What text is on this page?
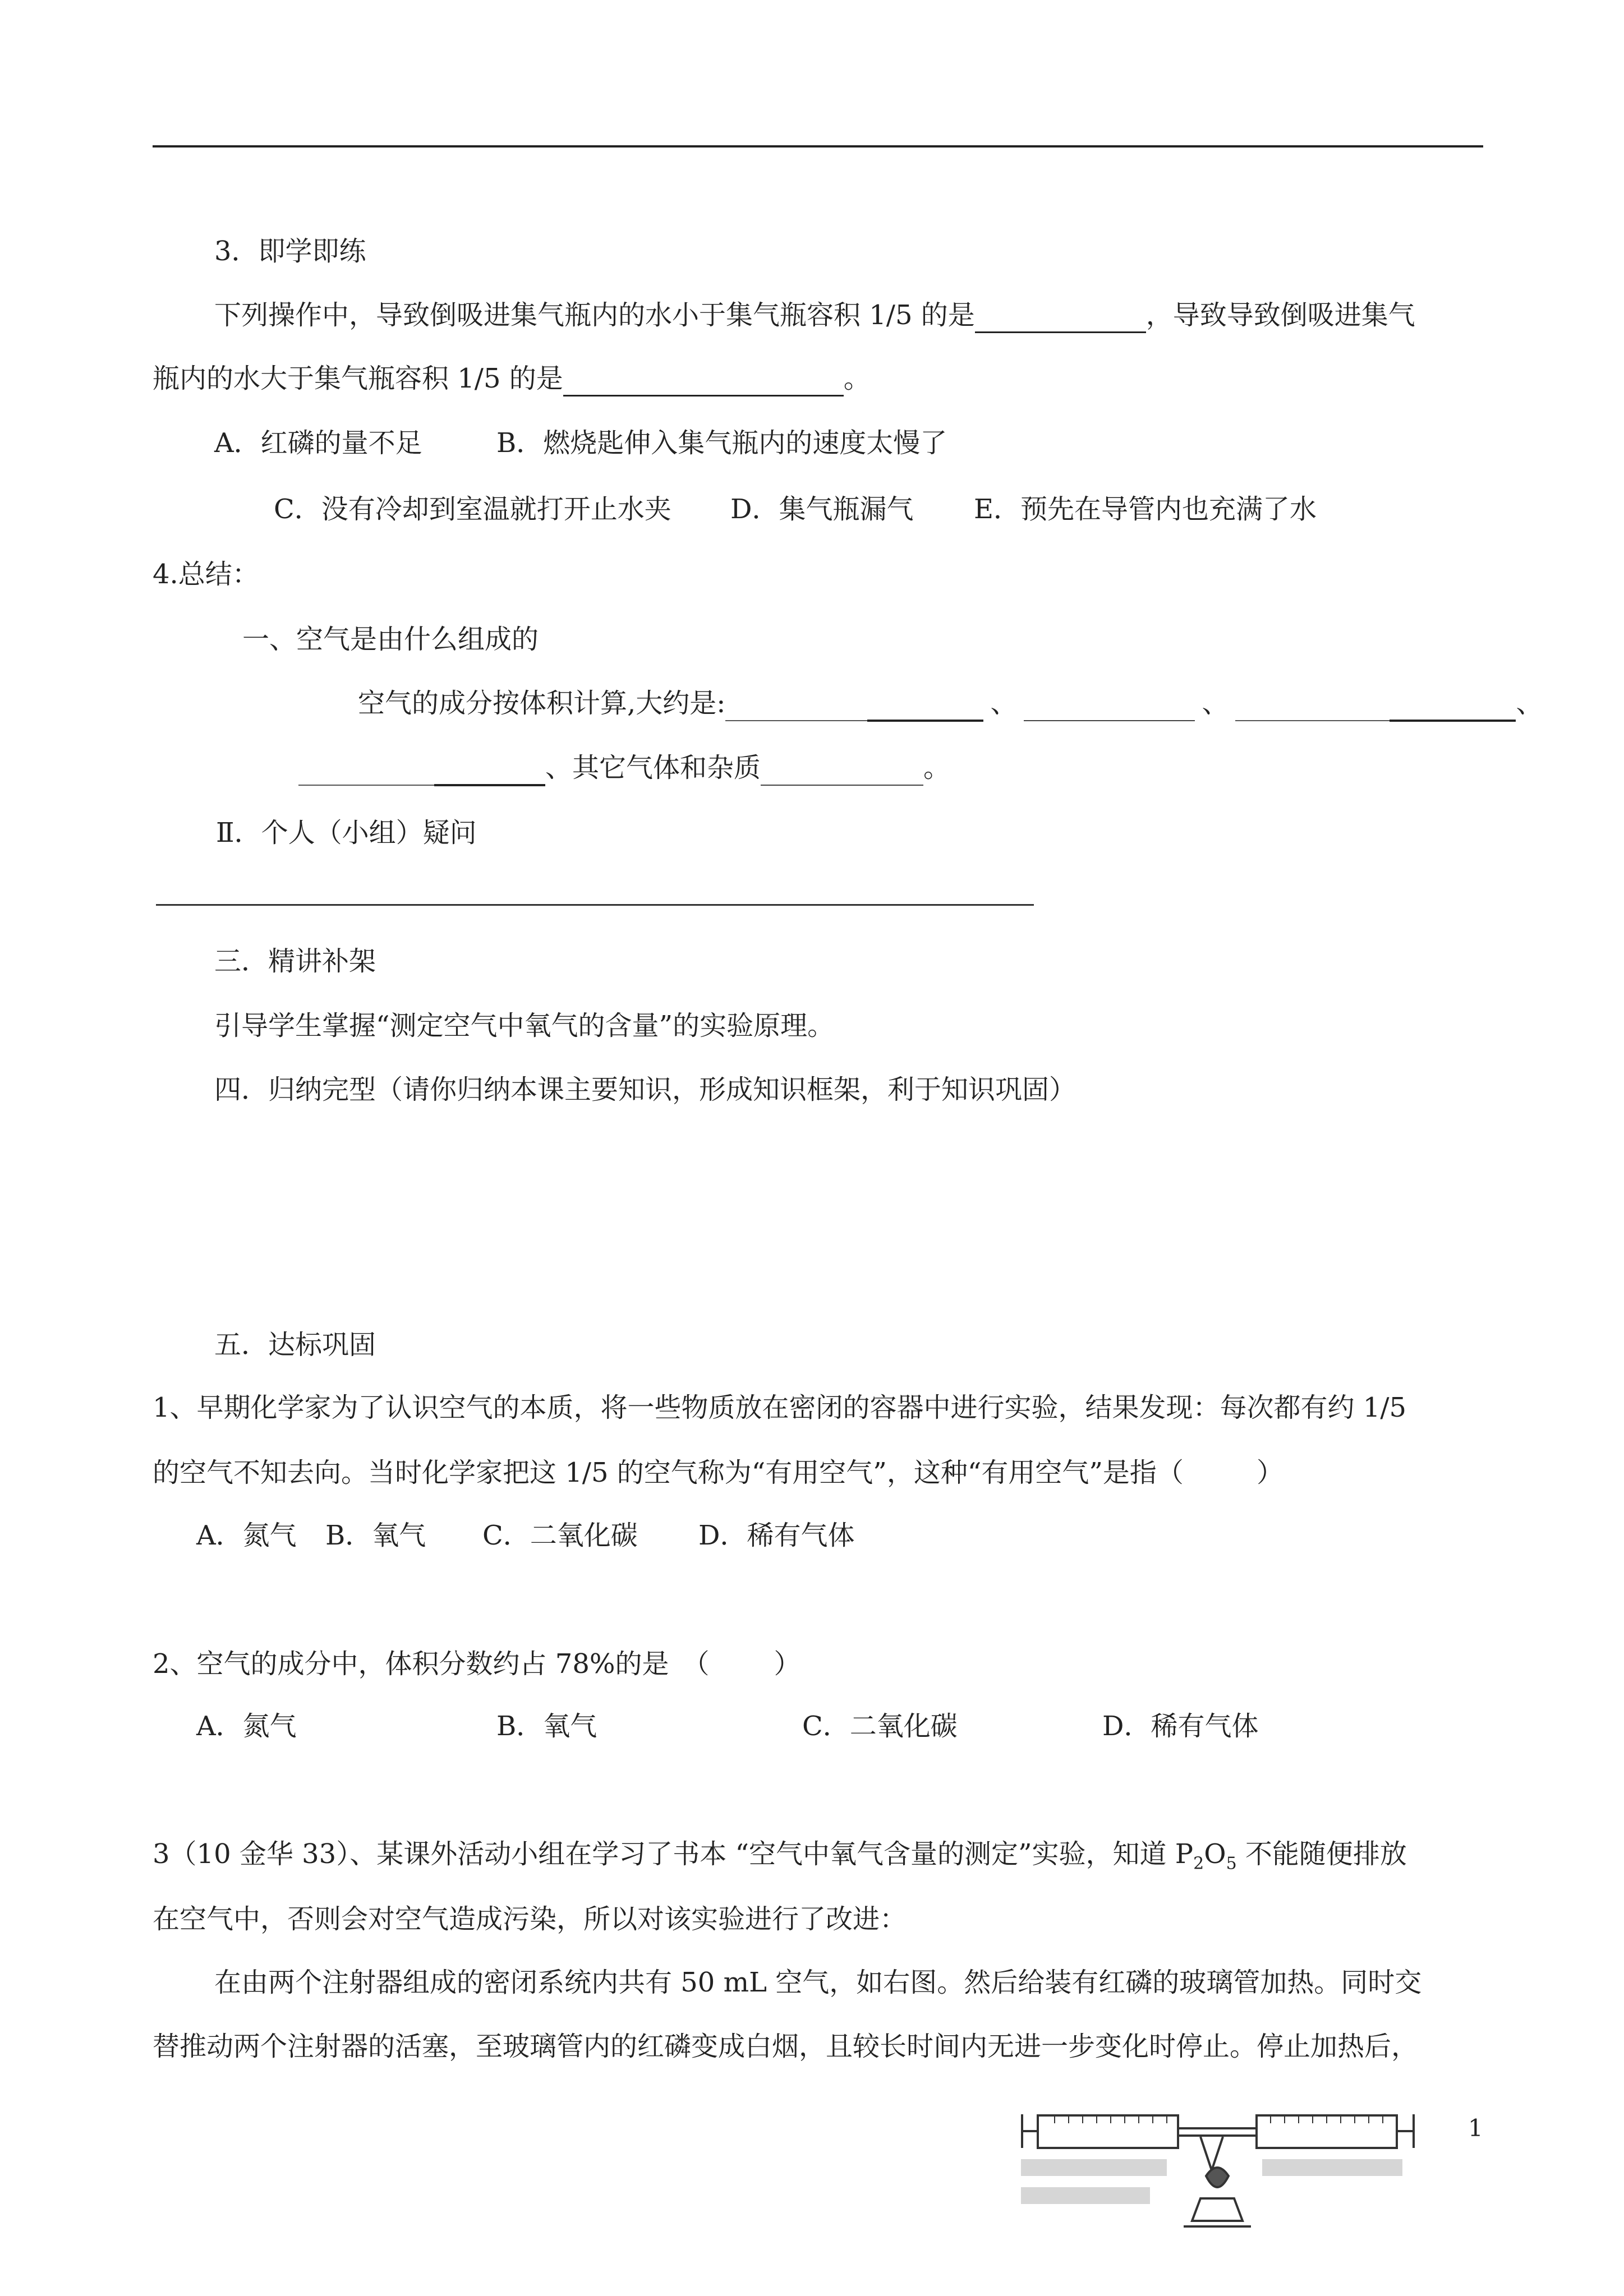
3．即学即练
下列操作中，导致倒吸进集气瓶内的水小于集气瓶容积 1/5 的是	，导致导致倒吸进集气
瓶内的水大于集气瓶容积 1/5 的是	。
A．红磷的量不足	B．燃烧匙伸入集气瓶内的速度太慢了
C．没有冷却到室温就打开止水夹 D．集气瓶漏气 E．预先在导管内也充满了水
4.总结：
一、空气是由什么组成的
空气的成分按体积计算,大约是:	、	、	、
、其它气体和杂质	。
Ⅱ．个人（小组）疑问
三．精讲补架
引导学生掌握“测定空气中氧气的含量”的实验原理。
四．归纳完型（请你归纳本课主要知识，形成知识框架，利于知识巩固）
五．达标巩固
1、早期化学家为了认识空气的本质，将一些物质放在密闭的容器中进行实验，结果发现：每次都有约 1/5
的空气不知去向。当时化学家把这 1/5 的空气称为“有用空气”，这种“有用空气”是指（	）
A．氮气 B．氧气 C．二氧化碳 D．稀有气体
2、空气的成分中，体积分数约占 78%的是　（ ）
A．氮气	B．氧气	C．二氧化碳	D．稀有气体
3（10 金华 33）、某课外活动小组在学习了书本 “空气中氧气含量的测定”实验，知道 $P_2O_5$ 不能随便排放
在空气中，否则会对空气造成污染，所以对该实验进行了改进：
在由两个注射器组成的密闭系统内共有 50 mL 空气，如右图。然后给装有红磷的玻璃管加热。同时交
替推动两个注射器的活塞，至玻璃管内的红磷变成白烟，且较长时间内无进一步变化时停止。停止加热后，
1
